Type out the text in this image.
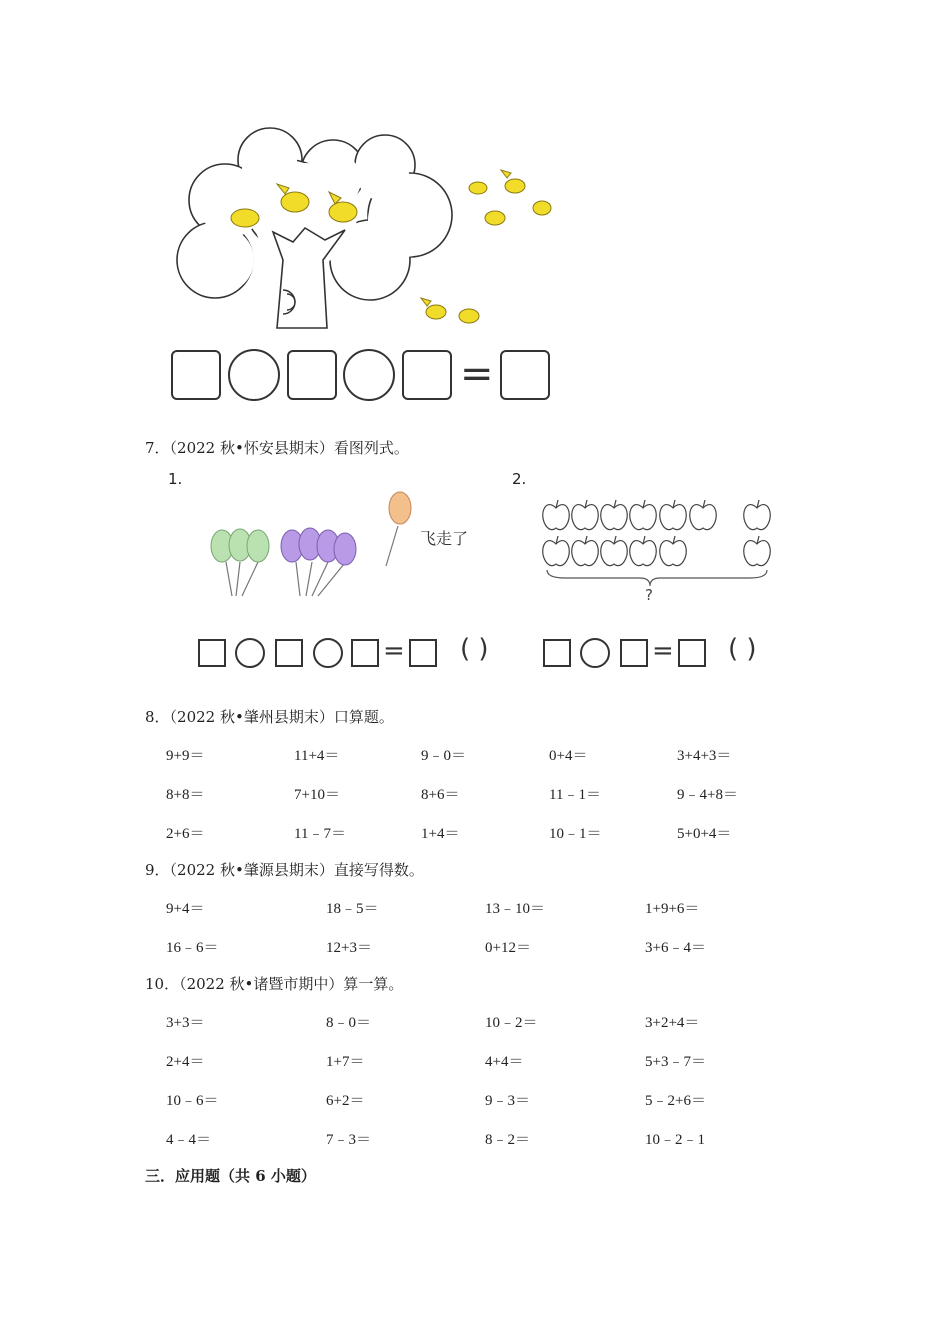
=
7．（2022 秋•怀安县期末）看图列式。
1.	2.
飞走了
?
= ( )	= ( )
8．（2022 秋•肇州县期末）口算题。
9+9＝	11+4＝	9﹣0＝	0+4＝	3+4+3＝
8+8＝	7+10＝	8+6＝	11﹣1＝	9﹣4+8＝
2+6＝	11﹣7＝	1+4＝	10﹣1＝	5+0+4＝
9．（2022 秋•肇源县期末）直接写得数。
9+4＝	18﹣5＝	13﹣10＝	1+9+6＝
16﹣6＝	12+3＝	0+12＝	3+6﹣4＝
10．（2022 秋•诸暨市期中）算一算。
3+3＝	8﹣0＝	10﹣2＝	3+2+4＝
2+4＝	1+7＝	4+4＝	5+3﹣7＝
10﹣6＝	6+2＝	9﹣3＝	5﹣2+6＝
4﹣4＝	7﹣3＝	8﹣2＝	10﹣2﹣1
三．应用题（共 6 小题）
